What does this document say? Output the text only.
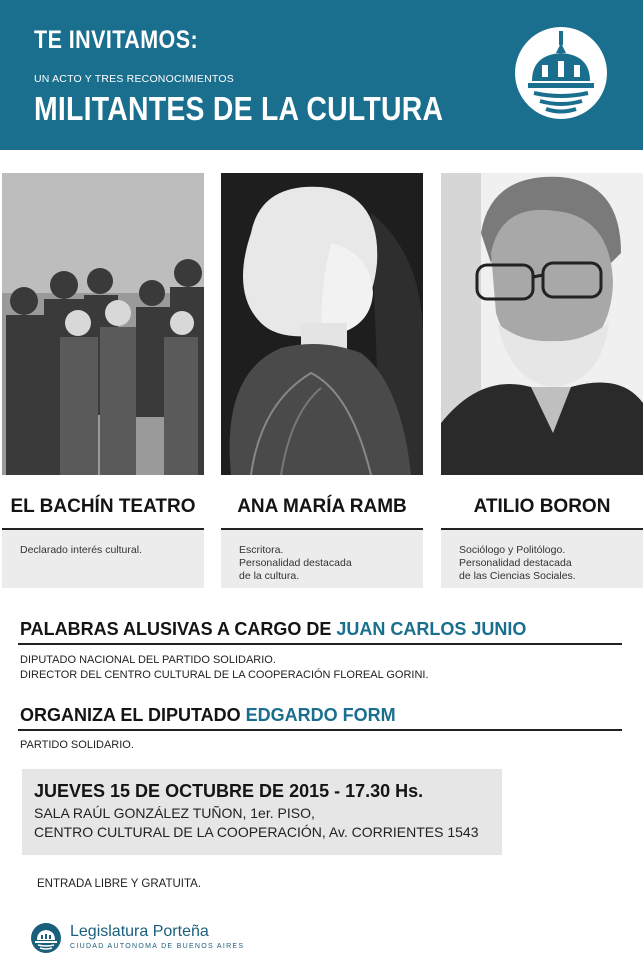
TE INVITAMOS:
UN ACTO Y TRES RECONOCIMIENTOS
MILITANTES DE LA CULTURA
EL BACHÍN TEATRO	ANA MARÍA RAMB	ATILIO BORON
Declarado interés cultural.	Escritora.
Personalidad destacada
de la cultura.
Sociólogo y Politólogo.
Personalidad destacada
de las Ciencias Sociales.
PALABRAS ALUSIVAS A CARGO DE JUAN CARLOS JUNIO
DIPUTADO NACIONAL DEL PARTIDO SOLIDARIO.
DIRECTOR DEL CENTRO CULTURAL DE LA COOPERACIÓN FLOREAL GORINI.
ORGANIZA EL DIPUTADO EDGARDO FORM
PARTIDO SOLIDARIO.
JUEVES 15 DE OCTUBRE DE 2015 - 17.30 Hs.
SALA RAÚL GONZÁLEZ TUÑON, 1er. PISO,
CENTRO CULTURAL DE LA COOPERACIÓN, Av. CORRIENTES 1543
ENTRADA LIBRE Y GRATUITA.
Legislatura Porteña
CIUDAD AUTONOMA DE BUENOS AIRES
